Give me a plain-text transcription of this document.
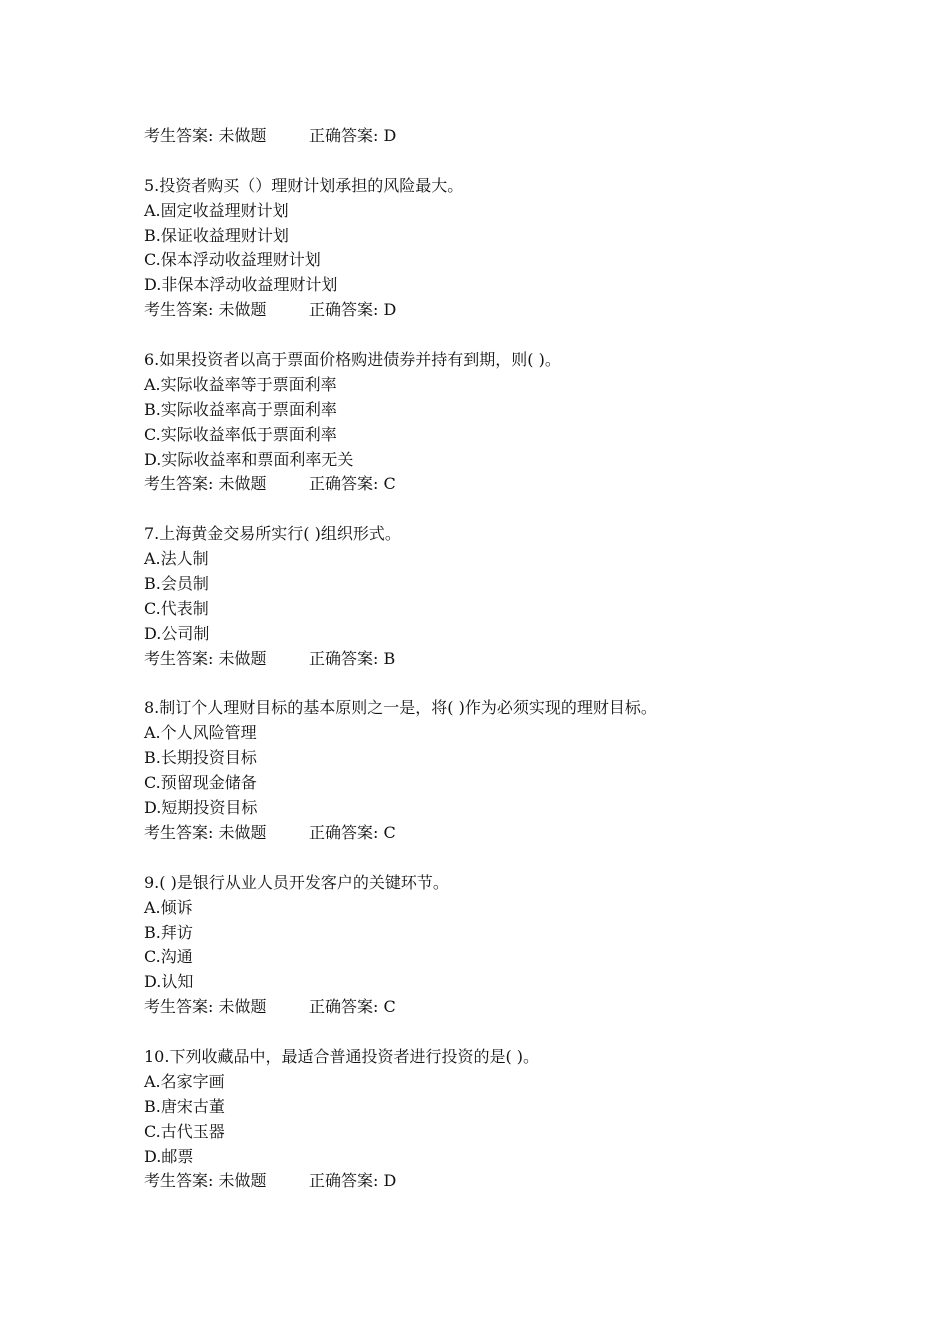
考生答案: 未做题	正确答案: D
5.投资者购买（）理财计划承担的风险最大。
A.固定收益理财计划
B.保证收益理财计划
C.保本浮动收益理财计划
D.非保本浮动收益理财计划
考生答案: 未做题	正确答案: D
6.如果投资者以高于票面价格购进债券并持有到期，则( )。
A.实际收益率等于票面利率
B.实际收益率高于票面利率
C.实际收益率低于票面利率
D.实际收益率和票面利率无关
考生答案: 未做题	正确答案: C
7.上海黄金交易所实行( )组织形式。
A.法人制
B.会员制
C.代表制
D.公司制
考生答案: 未做题	正确答案: B
8.制订个人理财目标的基本原则之一是，将( )作为必须实现的理财目标。
A.个人风险管理
B.长期投资目标
C.预留现金储备
D.短期投资目标
考生答案: 未做题	正确答案: C
9.( )是银行从业人员开发客户的关键环节。
A.倾诉
B.拜访
C.沟通
D.认知
考生答案: 未做题	正确答案: C
10.下列收藏品中，最适合普通投资者进行投资的是( )。
A.名家字画
B.唐宋古董
C.古代玉器
D.邮票
考生答案: 未做题	正确答案: D
